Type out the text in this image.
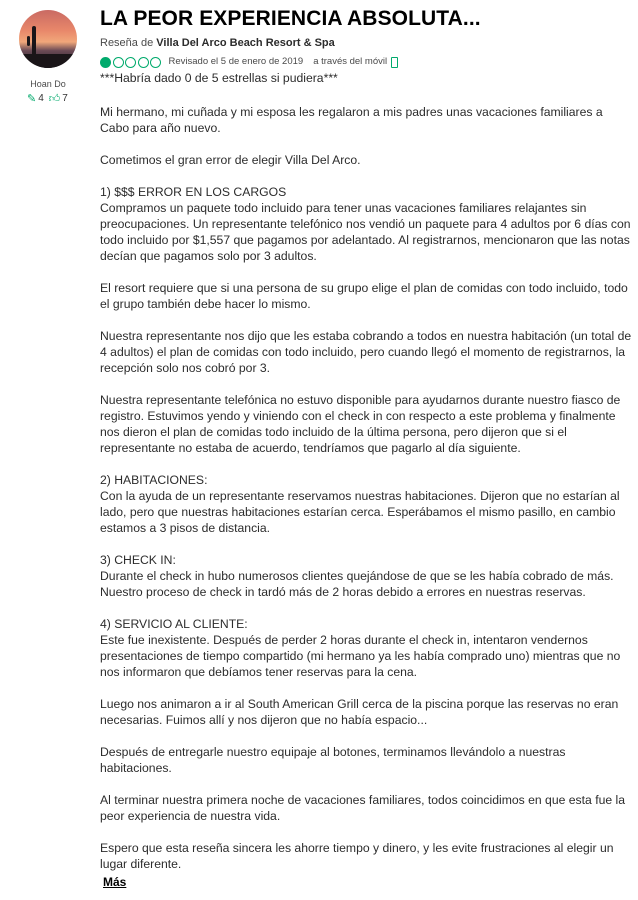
Hoan Do
✎ 4 👍︎ 7
LA PEOR EXPERIENCIA ABSOLUTA...
Reseña de Villa Del Arco Beach Resort & Spa
Revisado el 5 de enero de 2019 a través del móvil

***Habría dado 0 de 5 estrellas si pudiera***

Mi hermano, mi cuñada y mi esposa les regalaron a mis padres unas vacaciones familiares a Cabo para año nuevo.

Cometimos el gran error de elegir Villa Del Arco.

1) $$$ ERROR EN LOS CARGOS
Compramos un paquete todo incluido para tener unas vacaciones familiares relajantes sin preocupaciones. Un representante telefónico nos vendió un paquete para 4 adultos por 6 días con todo incluido por $1,557 que pagamos por adelantado. Al registrarnos, mencionaron que las notas decían que pagamos solo por 3 adultos.

El resort requiere que si una persona de su grupo elige el plan de comidas con todo incluido, todo el grupo también debe hacer lo mismo.

Nuestra representante nos dijo que les estaba cobrando a todos en nuestra habitación (un total de 4 adultos) el plan de comidas con todo incluido, pero cuando llegó el momento de registrarnos, la recepción solo nos cobró por 3.

Nuestra representante telefónica no estuvo disponible para ayudarnos durante nuestro fiasco de registro. Estuvimos yendo y viniendo con el check in con respecto a este problema y finalmente nos dieron el plan de comidas todo incluido de la última persona, pero dijeron que si el representante no estaba de acuerdo, tendríamos que pagarlo al día siguiente.

2) HABITACIONES:
Con la ayuda de un representante reservamos nuestras habitaciones. Dijeron que no estarían al lado, pero que nuestras habitaciones estarían cerca. Esperábamos el mismo pasillo, en cambio estamos a 3 pisos de distancia.

3) CHECK IN:
Durante el check in hubo numerosos clientes quejándose de que se les había cobrado de más. Nuestro proceso de check in tardó más de 2 horas debido a errores en nuestras reservas.

4) SERVICIO AL CLIENTE:
Este fue inexistente. Después de perder 2 horas durante el check in, intentaron vendernos presentaciones de tiempo compartido (mi hermano ya les había comprado uno) mientras que no nos informaron que debíamos tener reservas para la cena.

Luego nos animaron a ir al South American Grill cerca de la piscina porque las reservas no eran necesarias. Fuimos allí y nos dijeron que no había espacio...

Después de entregarle nuestro equipaje al botones, terminamos llevándolo a nuestras habitaciones.

Al terminar nuestra primera noche de vacaciones familiares, todos coincidimos en que esta fue la peor experiencia de nuestra vida.

Espero que esta reseña sincera les ahorre tiempo y dinero, y les evite frustraciones al elegir un lugar diferente.

Más
